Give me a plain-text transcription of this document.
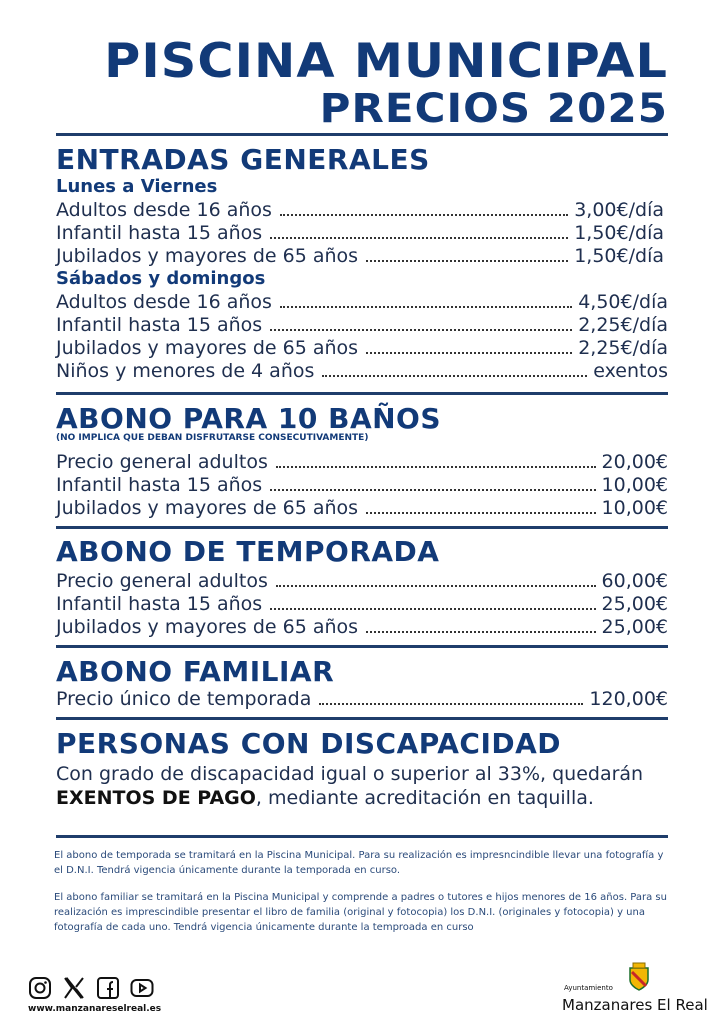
PISCINA MUNICIPAL
PRECIOS 2025
ENTRADAS GENERALES
Lunes a Viernes
Adultos desde 16 años	3,00€/día
Infantil hasta 15 años	1,50€/día
Jubilados y mayores de 65 años	1,50€/día
Sábados y domingos
Adultos desde 16 años	4,50€/día
Infantil hasta 15 años	2,25€/día
Jubilados y mayores de 65 años	2,25€/día
Niños y menores de 4 años	exentos
ABONO PARA 10 BAÑOS
(NO IMPLICA QUE DEBAN DISFRUTARSE CONSECUTIVAMENTE)
Precio general adultos	20,00€
Infantil hasta 15 años	10,00€
Jubilados y mayores de 65 años	10,00€
ABONO DE TEMPORADA
Precio general adultos	60,00€
Infantil hasta 15 años	25,00€
Jubilados y mayores de 65 años	25,00€
ABONO FAMILIAR
Precio único de temporada	120,00€
PERSONAS CON DISCAPACIDAD
Con grado de discapacidad igual o superior al 33%, quedarán EXENTOS DE PAGO, mediante acreditación en taquilla.
El abono de temporada se tramitará en la Piscina Municipal. Para su realización es impresncindible llevar una fotografía y el D.N.I. Tendrá vigencia únicamente durante la temporada en curso.
El abono familiar se tramitará en la Piscina Municipal y comprende a padres o tutores e hijos menores de 16 años. Para su realización es imprescindible presentar el libro de familia (original y fotocopia) los D.N.I. (originales y fotocopia) y una fotografía de cada uno. Tendrá vigencia únicamente durante la temproada en curso
www.manzanareselreal.es
Ayuntamiento
Manzanares El Real
